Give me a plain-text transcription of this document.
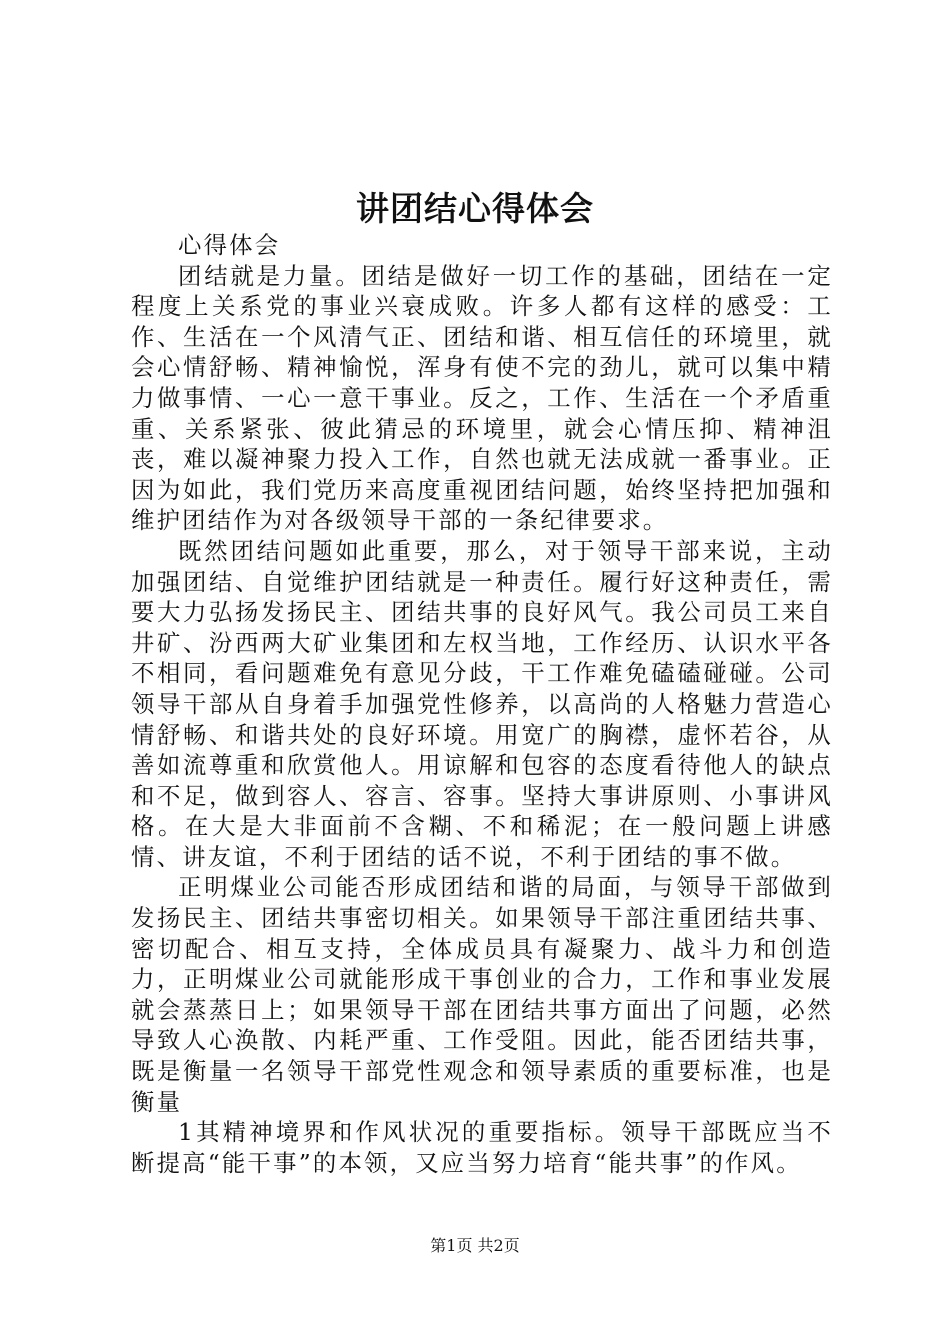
讲团结心得体会

心得体会

团结就是力量。团结是做好一切工作的基础，团结在一定程度上关系党的事业兴衰成败。许多人都有这样的感受：工作、生活在一个风清气正、团结和谐、相互信任的环境里，就会心情舒畅、精神愉悦，浑身有使不完的劲儿，就可以集中精力做事情、一心一意干事业。反之，工作、生活在一个矛盾重重、关系紧张、彼此猜忌的环境里，就会心情压抑、精神沮丧，难以凝神聚力投入工作，自然也就无法成就一番事业。正因为如此，我们党历来高度重视团结问题，始终坚持把加强和维护团结作为对各级领导干部的一条纪律要求。

既然团结问题如此重要，那么，对于领导干部来说，主动加强团结、自觉维护团结就是一种责任。履行好这种责任，需要大力弘扬发扬民主、团结共事的良好风气。我公司员工来自井矿、汾西两大矿业集团和左权当地，工作经历、认识水平各不相同，看问题难免有意见分歧，干工作难免磕磕碰碰。公司领导干部从自身着手加强党性修养，以高尚的人格魅力营造心情舒畅、和谐共处的良好环境。用宽广的胸襟，虚怀若谷，从善如流尊重和欣赏他人。用谅解和包容的态度看待他人的缺点和不足，做到容人、容言、容事。坚持大事讲原则、小事讲风格。在大是大非面前不含糊、不和稀泥；在一般问题上讲感情、讲友谊，不利于团结的话不说，不利于团结的事不做。

正明煤业公司能否形成团结和谐的局面，与领导干部做到发扬民主、团结共事密切相关。如果领导干部注重团结共事、密切配合、相互支持，全体成员具有凝聚力、战斗力和创造力，正明煤业公司就能形成干事创业的合力，工作和事业发展就会蒸蒸日上；如果领导干部在团结共事方面出了问题，必然导致人心涣散、内耗严重、工作受阻。因此，能否团结共事，既是衡量一名领导干部党性观念和领导素质的重要标准，也是衡量

1其精神境界和作风状况的重要指标。领导干部既应当不断提高“能干事”的本领，又应当努力培育“能共事”的作风。

第1页 共2页
